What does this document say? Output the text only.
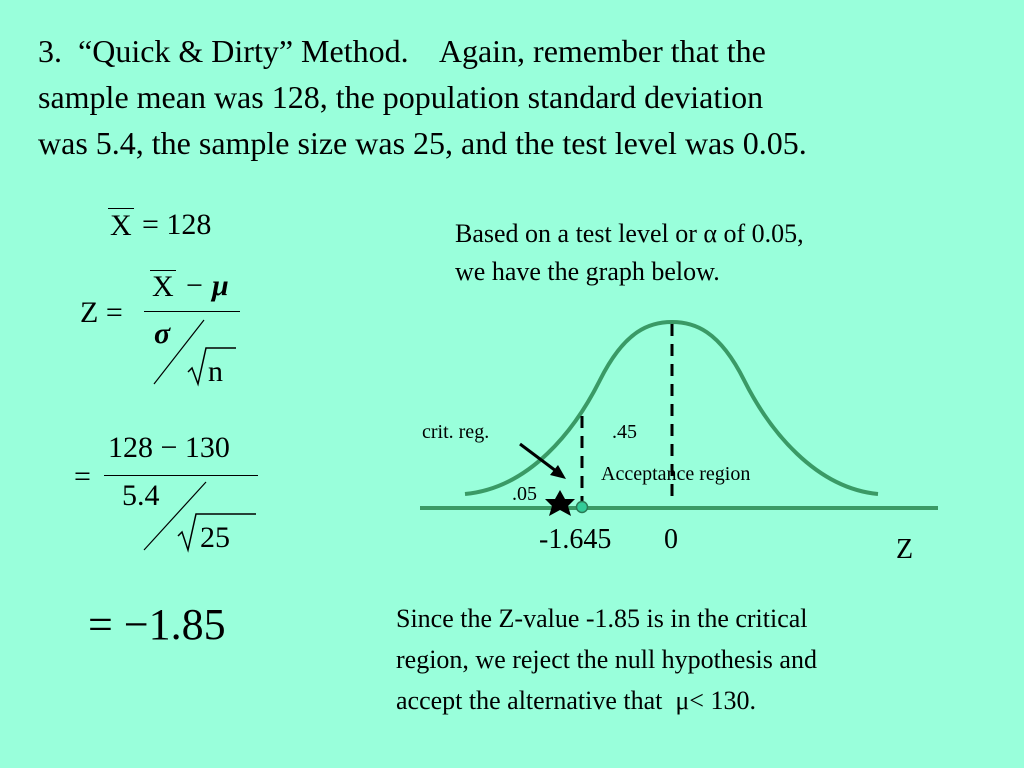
3.  “Quick & Dirty” Method.    Again, remember that the
sample mean was 128, the population standard deviation
was 5.4, the sample size was 25, and the test level was 0.05.
X = 128
Z =
X − μ
σ
n
=
128 − 130
5.4
25
= −1.85
Based on a test level or α of 0.05,
we have the graph below.
crit. reg.	.45
Acceptance region
.05
-1.645 0	Z
Since the Z-value -1.85 is in the critical
region, we reject the null hypothesis and
accept the alternative that  μ< 130.
